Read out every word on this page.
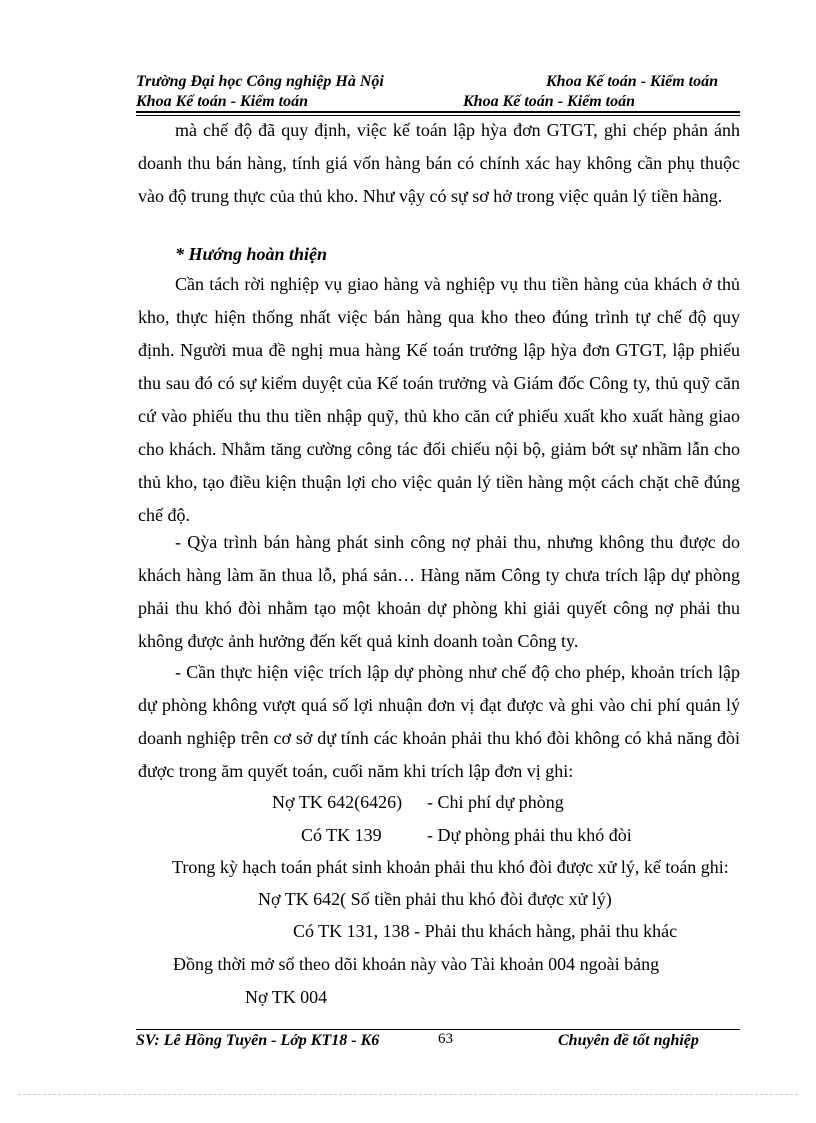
Trường Đại học Công nghiệp Hà Nội	Khoa Kế toán - Kiểm toán
Khoa Kế toán - Kiểm toán	Khoa Kế toán - Kiểm toán
mà chế độ đã quy định, việc kế toán lập hỳa đơn GTGT, ghi chép phản ánh doanh thu bán hàng, tính giá vốn hàng bán có chính xác hay không cần phụ thuộc vào độ trung thực của thủ kho. Như vậy có sự sơ hở trong việc quản lý tiền hàng.
* Hướng hoàn thiện
Cần tách rời nghiệp vụ giao hàng và nghiệp vụ thu tiền hàng của khách ở thủ kho, thực hiện thống nhất việc bán hàng qua kho theo đúng trình tự chế độ quy định. Người mua đề nghị mua hàng Kế toán trưởng lập hỳa đơn GTGT, lập phiếu thu sau đó có sự kiểm duyệt của Kế toán trưởng và Giám đốc Công ty, thủ quỹ căn cứ vào phiếu thu thu tiền nhập quỹ, thủ kho căn cứ phiếu xuất kho xuất hàng giao cho khách. Nhằm tăng cường công tác đối chiếu nội bộ, giảm bớt sự nhầm lẫn cho thủ kho, tạo điều kiện thuận lợi cho việc quản lý tiền hàng một cách chặt chẽ đúng chế độ.
- Qỳa trình bán hàng phát sinh công nợ phải thu, nhưng không thu được do khách hàng làm ăn thua lỗ, phá sản… Hàng năm Công ty chưa trích lập dự phòng phải thu khó đòi nhằm tạo một khoản dự phòng khi giải quyết công nợ phải thu không được ảnh hưởng đến kết quả kinh doanh toàn Công ty.
- Cần thực hiện việc trích lập dự phòng như chế độ cho phép, khoản trích lập dự phòng không vượt quá số lợi nhuận đơn vị đạt được và ghi vào chi phí quản lý doanh nghiệp trên cơ sở dự tính các khoản phải thu khó đòi không có khả năng đòi được trong ăm quyết toán, cuối năm khi trích lập đơn vị ghi:
Nợ TK 642(6426) - Chi phí dự phòng
Có TK 139	- Dự phòng phải thu khó đòi
Trong kỳ hạch toán phát sinh khoản phải thu khó đòi được xử lý, kế toán ghi:
Nợ TK 642( Số tiền phải thu khó đòi được xử lý)
Có TK 131, 138 - Phải thu khách hàng, phải thu khác
Đồng thời mở sổ theo dõi khoản này vào Tài khoản 004 ngoài bảng
Nợ TK 004
SV: Lê Hồng Tuyên - Lớp KT18 - K6	63	Chuyên đề tốt nghiệp
